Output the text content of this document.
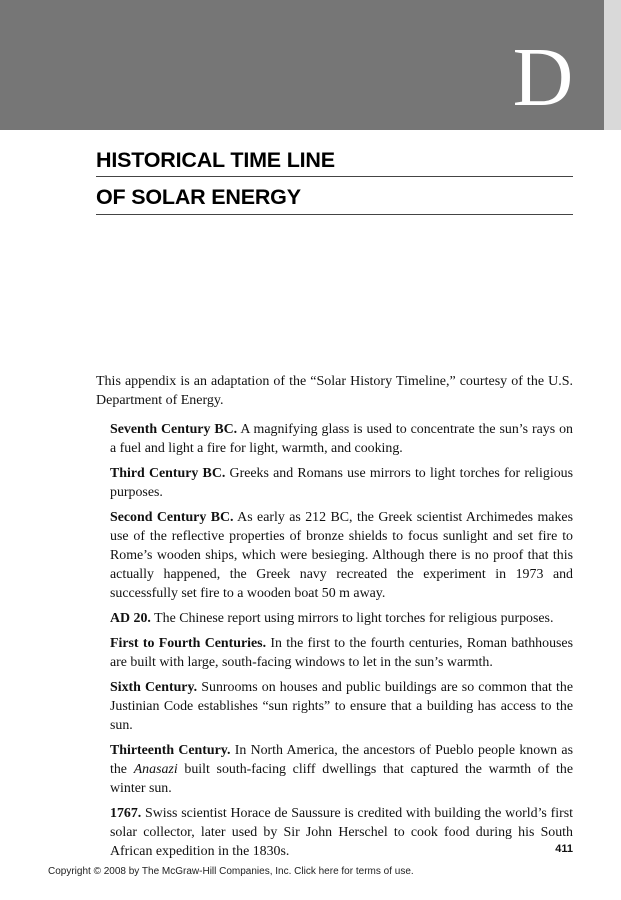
D
HISTORICAL TIME LINE
OF SOLAR ENERGY

This appendix is an adaptation of the “Solar History Timeline,” courtesy of the U.S. Department of Energy.

Seventh Century BC. A magnifying glass is used to concentrate the sun’s rays on a fuel and light a fire for light, warmth, and cooking.

Third Century BC. Greeks and Romans use mirrors to light torches for religious purposes.

Second Century BC. As early as 212 BC, the Greek scientist Archimedes makes use of the reflective properties of bronze shields to focus sunlight and set fire to Rome’s wooden ships, which were besieging. Although there is no proof that this actually happened, the Greek navy recreated the experiment in 1973 and successfully set fire to a wooden boat 50 m away.

AD 20. The Chinese report using mirrors to light torches for religious purposes.

First to Fourth Centuries. In the first to the fourth centuries, Roman bathhouses are built with large, south-facing windows to let in the sun’s warmth.

Sixth Century. Sunrooms on houses and public buildings are so common that the Justinian Code establishes “sun rights” to ensure that a building has access to the sun.

Thirteenth Century. In North America, the ancestors of Pueblo people known as the Anasazi built south-facing cliff dwellings that captured the warmth of the winter sun.

1767. Swiss scientist Horace de Saussure is credited with building the world’s first solar collector, later used by Sir John Herschel to cook food during his South African expedition in the 1830s.	411
Copyright © 2008 by The McGraw-Hill Companies, Inc. Click here for terms of use.
